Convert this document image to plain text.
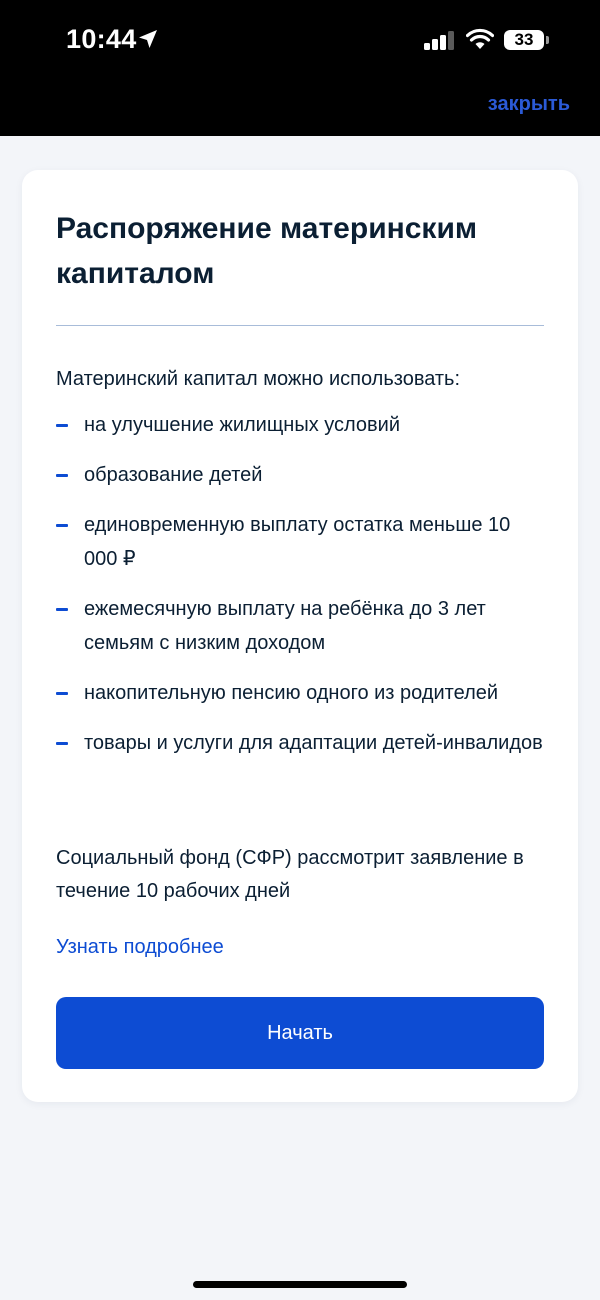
10:44	33
закрыть
Распоряжение материнским капиталом
Материнский капитал можно использовать:
на улучшение жилищных условий
образование детей
единовременную выплату остатка меньше 10 000 ₽
ежемесячную выплату на ребёнка до 3 лет семьям с низким доходом
накопительную пенсию одного из родителей
товары и услуги для адаптации детей-инвалидов
Социальный фонд (СФР) рассмотрит заявление в течение 10 рабочих дней
Узнать подробнее
Начать
